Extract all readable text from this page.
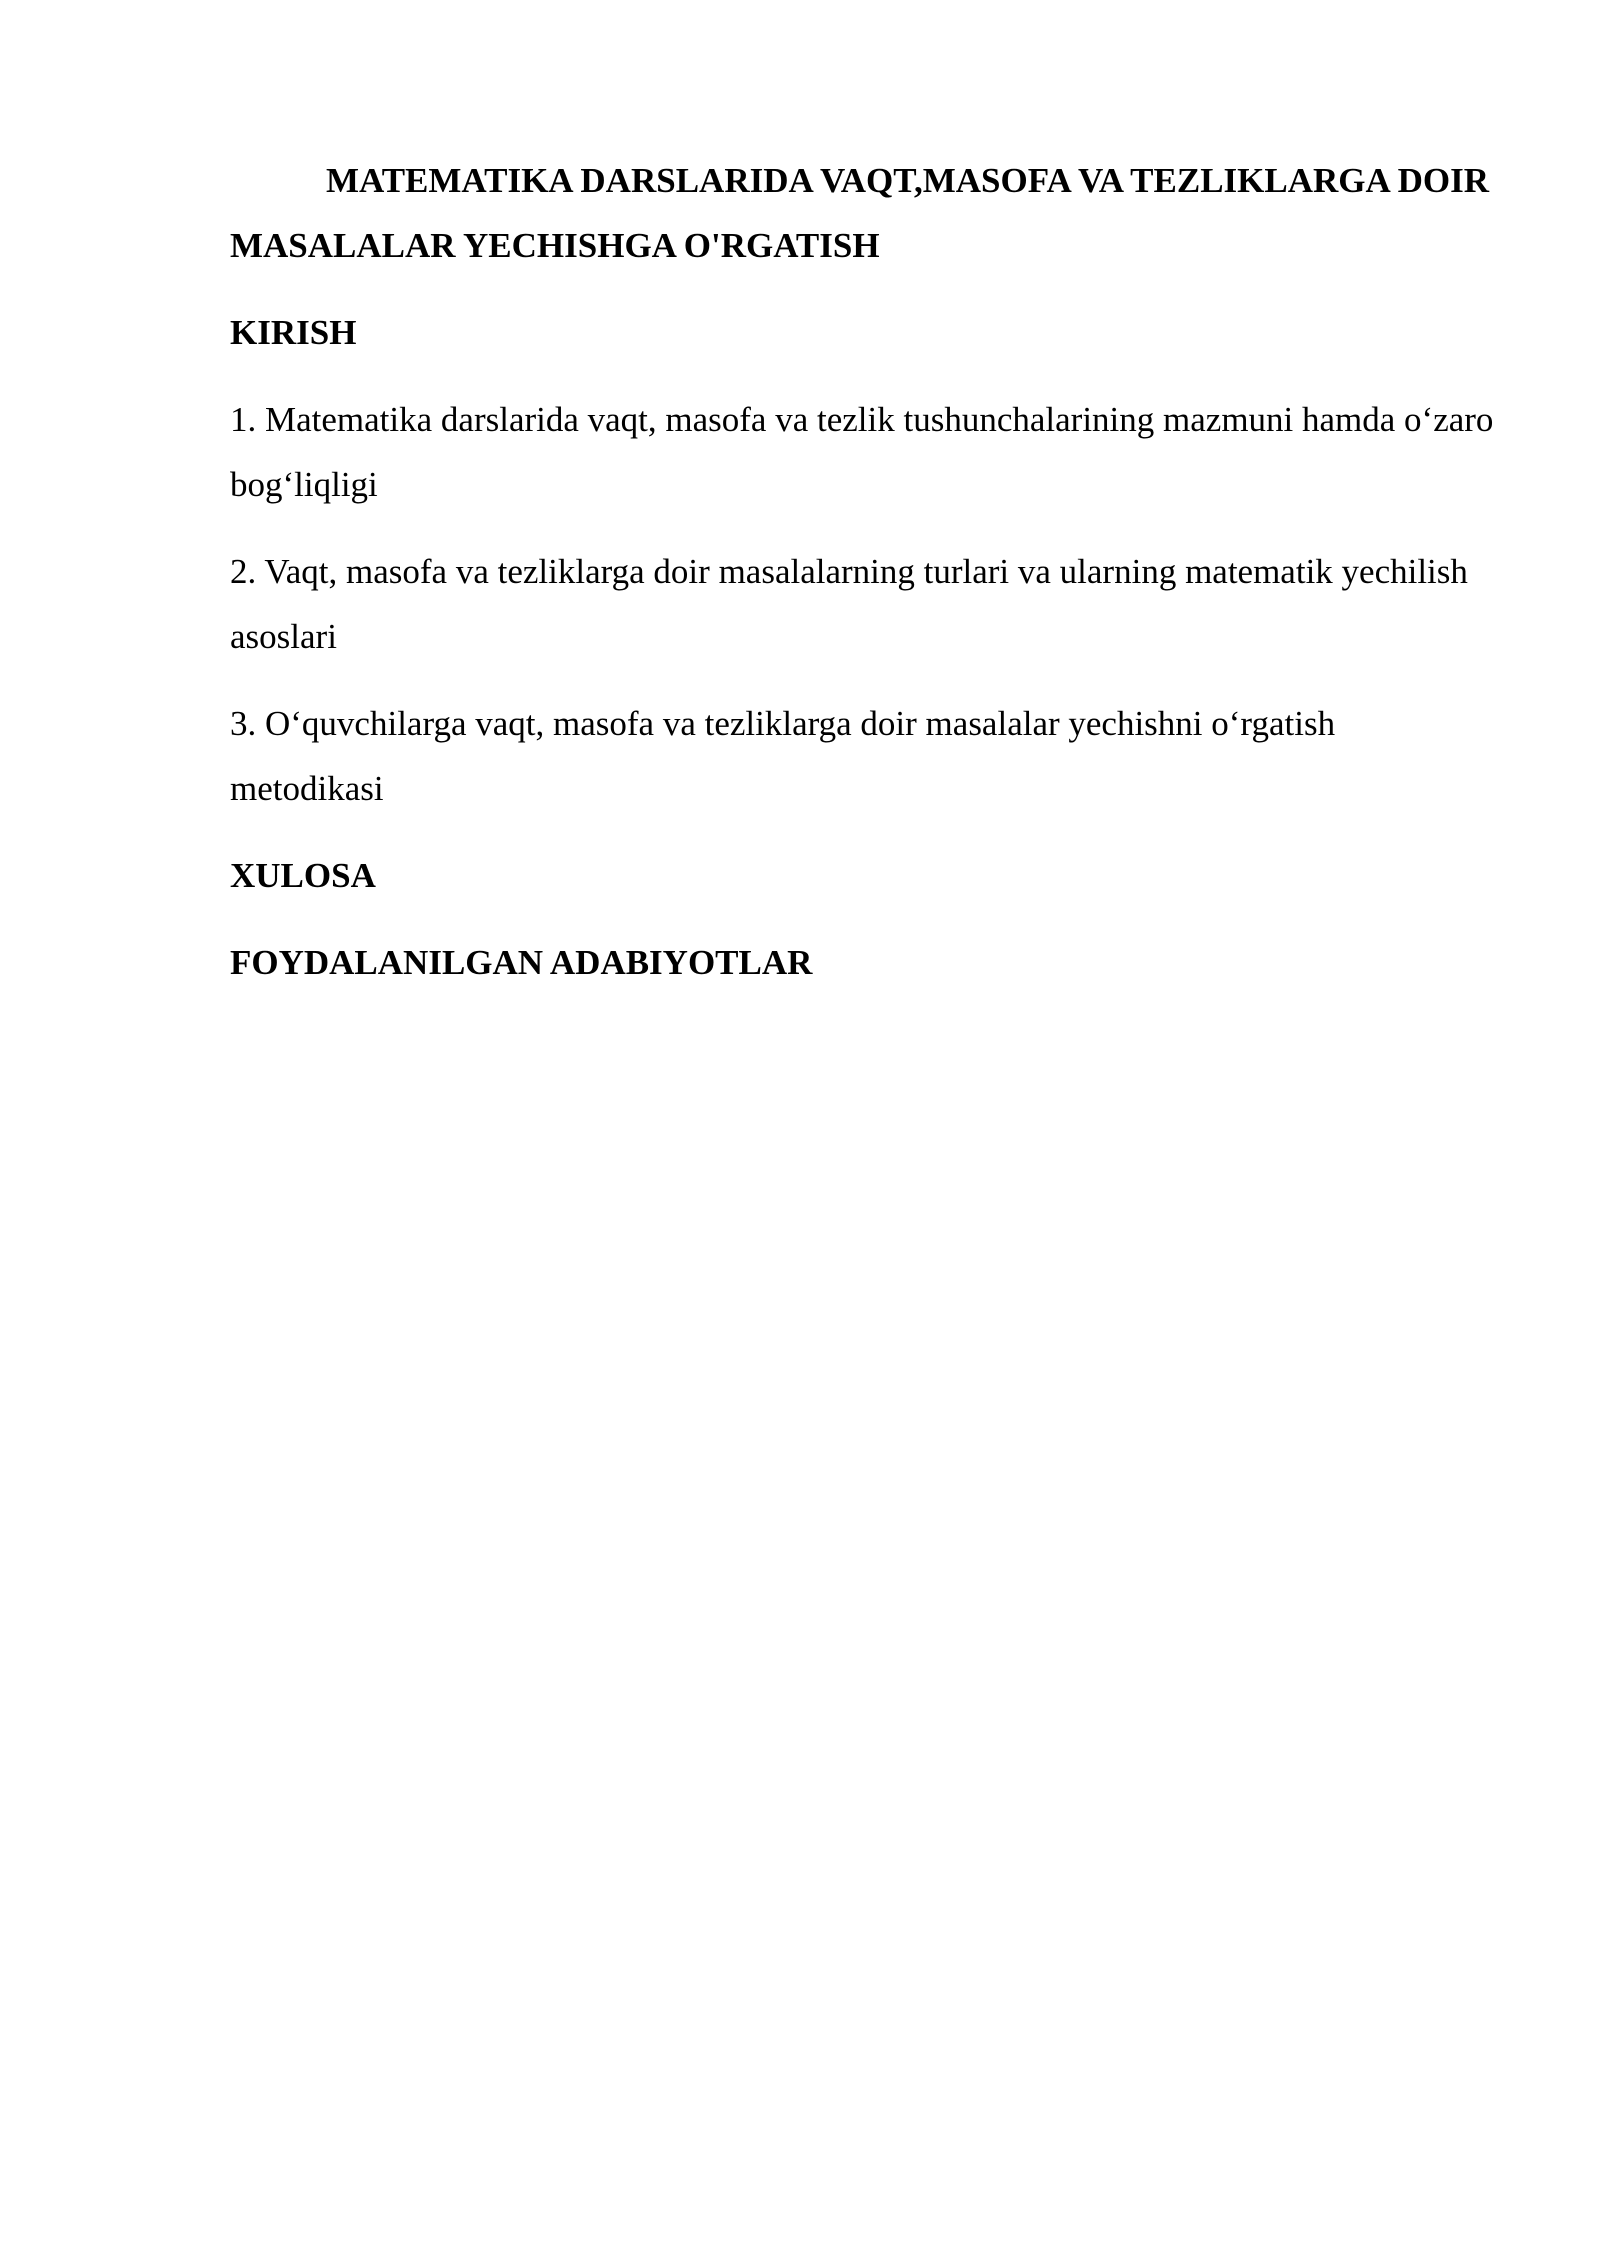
MATEMATIKA DARSLARIDA VAQT,MASOFA VA TEZLIKLARGA DOIR MASALALAR YECHISHGA O'RGATISH

KIRISH

1. Matematika darslarida vaqt, masofa va tezlik tushunchalarining mazmuni hamda o‘zaro bog‘liqligi

2. Vaqt, masofa va tezliklarga doir masalalarning turlari va ularning matematik yechilish asoslari

3. O‘quvchilarga vaqt, masofa va tezliklarga doir masalalar yechishni o‘rgatish metodikasi

XULOSA

FOYDALANILGAN ADABIYOTLAR
